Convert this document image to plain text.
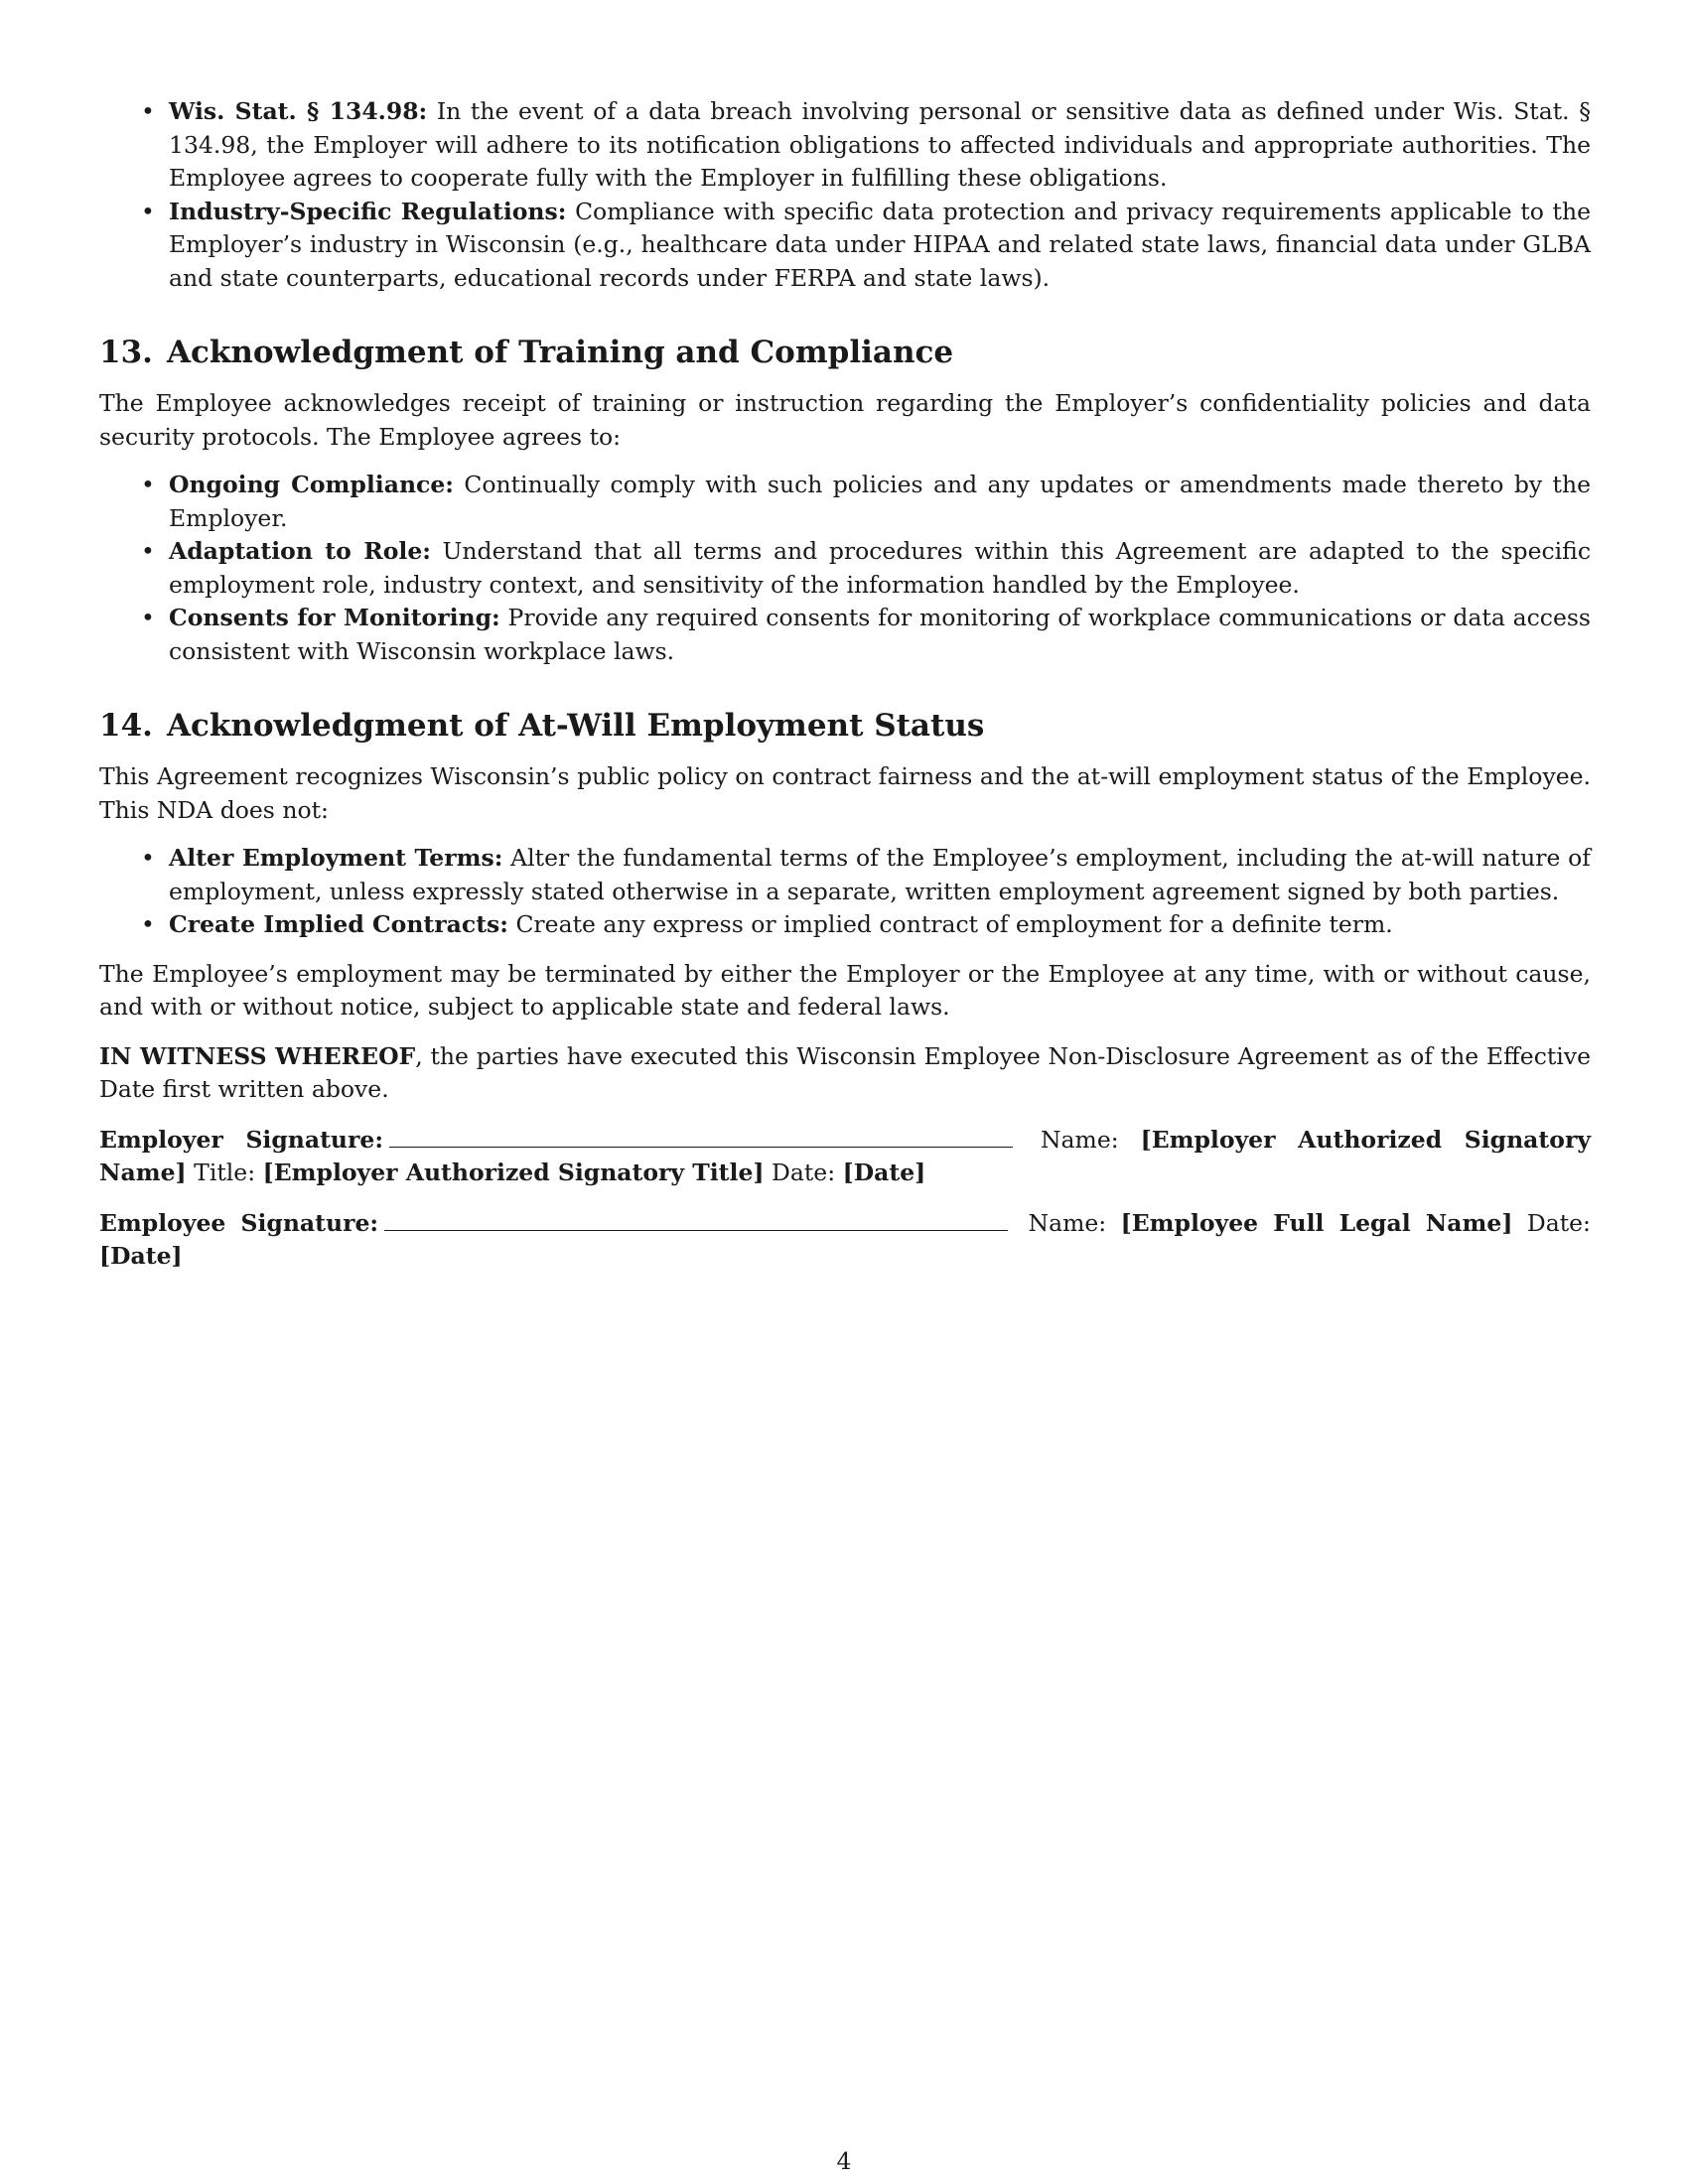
• Wis. Stat. § 134.98: In the event of a data breach involving personal or sensitive data as defined under Wis. Stat. § 134.98, the Employer will adhere to its notification obligations to affected individuals and appropriate authorities. The Employee agrees to cooperate fully with the Employer in fulfilling these obligations.
• Industry-Specific Regulations: Compliance with specific data protection and privacy requirements applicable to the Employer’s industry in Wisconsin (e.g., healthcare data under HIPAA and related state laws, financial data under GLBA and state counterparts, educational records under FERPA and state laws).
13. Acknowledgment of Training and Compliance

The Employee acknowledges receipt of training or instruction regarding the Employer’s confidentiality policies and data security protocols. The Employee agrees to:

• Ongoing Compliance: Continually comply with such policies and any updates or amendments made thereto by the Employer.
• Adaptation to Role: Understand that all terms and procedures within this Agreement are adapted to the specific employment role, industry context, and sensitivity of the information handled by the Employee.
• Consents for Monitoring: Provide any required consents for monitoring of workplace communications or data access consistent with Wisconsin workplace laws.
14. Acknowledgment of At-Will Employment Status

This Agreement recognizes Wisconsin’s public policy on contract fairness and the at-will employment status of the Employee. This NDA does not:

• Alter Employment Terms: Alter the fundamental terms of the Employee’s employment, including the at-will nature of employment, unless expressly stated otherwise in a separate, written employment agreement signed by both parties.
• Create Implied Contracts: Create any express or implied contract of employment for a definite term.

The Employee’s employment may be terminated by either the Employer or the Employee at any time, with or without cause, and with or without notice, subject to applicable state and federal laws.

IN WITNESS WHEREOF, the parties have executed this Wisconsin Employee Non-Disclosure Agreement as of the Effective Date first written above.

Employer Signature:	Name: [Employer Authorized Signatory Name] Title: [Employer Authorized Signatory Title] Date: [Date]

Employee Signature:	Name: [Employee Full Legal Name] Date: [Date]

4
